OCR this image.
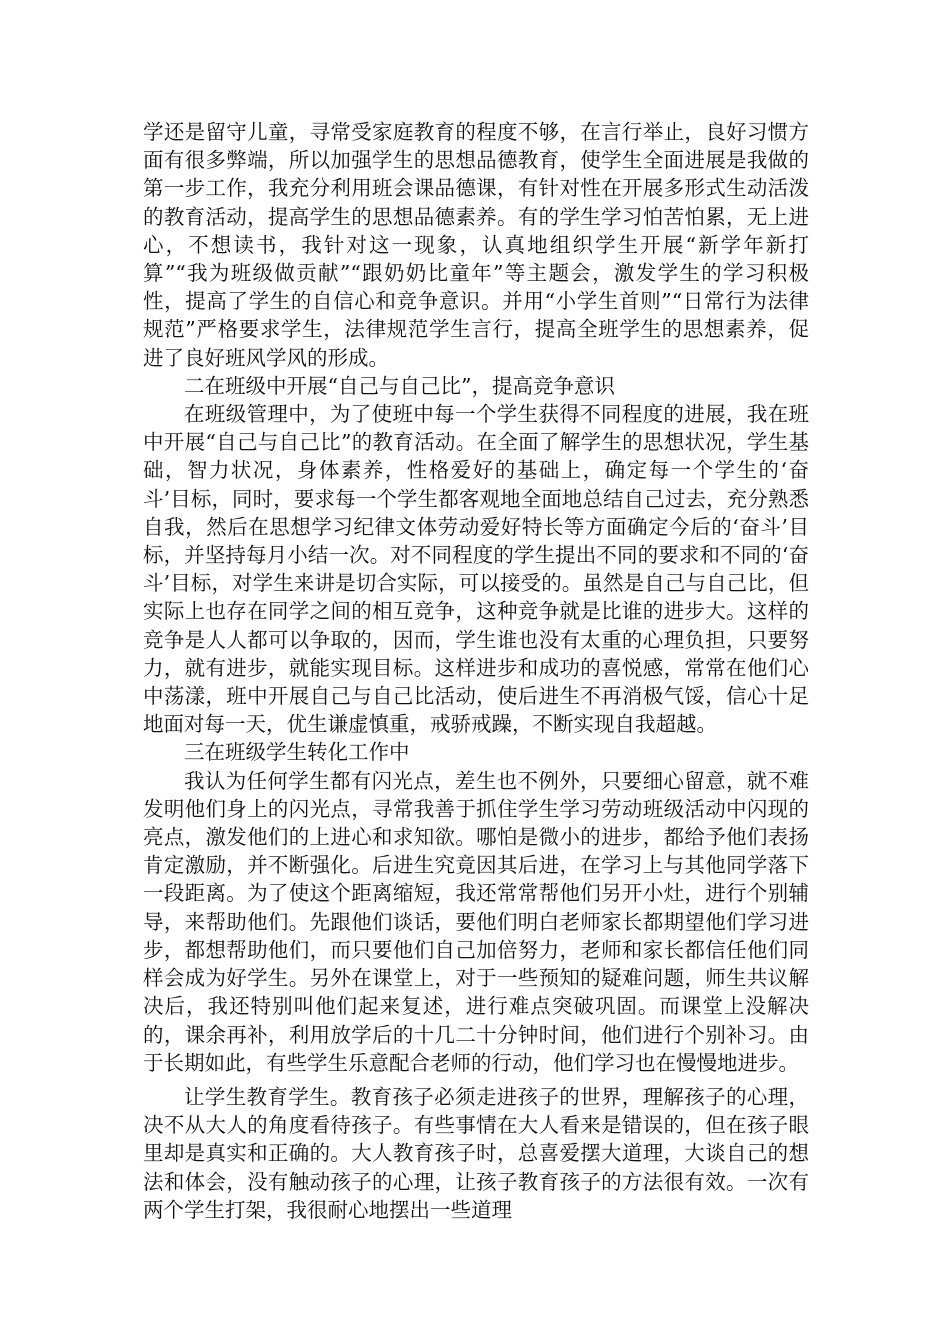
学还是留守儿童，寻常受家庭教育的程度不够，在言行举止，良好习惯方面有很多弊端，所以加强学生的思想品德教育，使学生全面进展是我做的第一步工作，我充分利用班会课品德课，有针对性在开展多形式生动活泼的教育活动，提高学生的思想品德素养。有的学生学习怕苦怕累，无上进心，不想读书，我针对这一现象，认真地组织学生开展“新学年新打算”“我为班级做贡献”“跟奶奶比童年”等主题会，激发学生的学习积极性，提高了学生的自信心和竞争意识。并用“小学生首则”“日常行为法律规范”严格要求学生，法律规范学生言行，提高全班学生的思想素养，促进了良好班风学风的形成。

二在班级中开展“自己与自己比”，提高竞争意识

在班级管理中，为了使班中每一个学生获得不同程度的进展，我在班中开展“自己与自己比”的教育活动。在全面了解学生的思想状况，学生基础，智力状况，身体素养，性格爱好的基础上，确定每一个学生的‘奋斗’目标，同时，要求每一个学生都客观地全面地总结自己过去，充分熟悉自我，然后在思想学习纪律文体劳动爱好特长等方面确定今后的‘奋斗’目标，并坚持每月小结一次。对不同程度的学生提出不同的要求和不同的‘奋斗’目标，对学生来讲是切合实际，可以接受的。虽然是自己与自己比，但实际上也存在同学之间的相互竞争，这种竞争就是比谁的进步大。这样的竞争是人人都可以争取的，因而，学生谁也没有太重的心理负担，只要努力，就有进步，就能实现目标。这样进步和成功的喜悦感，常常在他们心中荡漾，班中开展自己与自己比活动，使后进生不再消极气馁，信心十足地面对每一天，优生谦虚慎重，戒骄戒躁，不断实现自我超越。

三在班级学生转化工作中

我认为任何学生都有闪光点，差生也不例外，只要细心留意，就不难发明他们身上的闪光点，寻常我善于抓住学生学习劳动班级活动中闪现的亮点，激发他们的上进心和求知欲。哪怕是微小的进步，都给予他们表扬肯定激励，并不断强化。后进生究竟因其后进，在学习上与其他同学落下一段距离。为了使这个距离缩短，我还常常帮他们另开小灶，进行个别辅导，来帮助他们。先跟他们谈话，要他们明白老师家长都期望他们学习进步，都想帮助他们，而只要他们自己加倍努力，老师和家长都信任他们同样会成为好学生。另外在课堂上，对于一些预知的疑难问题，师生共议解决后，我还特别叫他们起来复述，进行难点突破巩固。而课堂上没解决的，课余再补，利用放学后的十几二十分钟时间，他们进行个别补习。由于长期如此，有些学生乐意配合老师的行动，他们学习也在慢慢地进步。

让学生教育学生。教育孩子必须走进孩子的世界，理解孩子的心理，决不从大人的角度看待孩子。有些事情在大人看来是错误的，但在孩子眼里却是真实和正确的。大人教育孩子时，总喜爱摆大道理，大谈自己的想法和体会，没有触动孩子的心理，让孩子教育孩子的方法很有效。一次有两个学生打架，我很耐心地摆出一些道理
